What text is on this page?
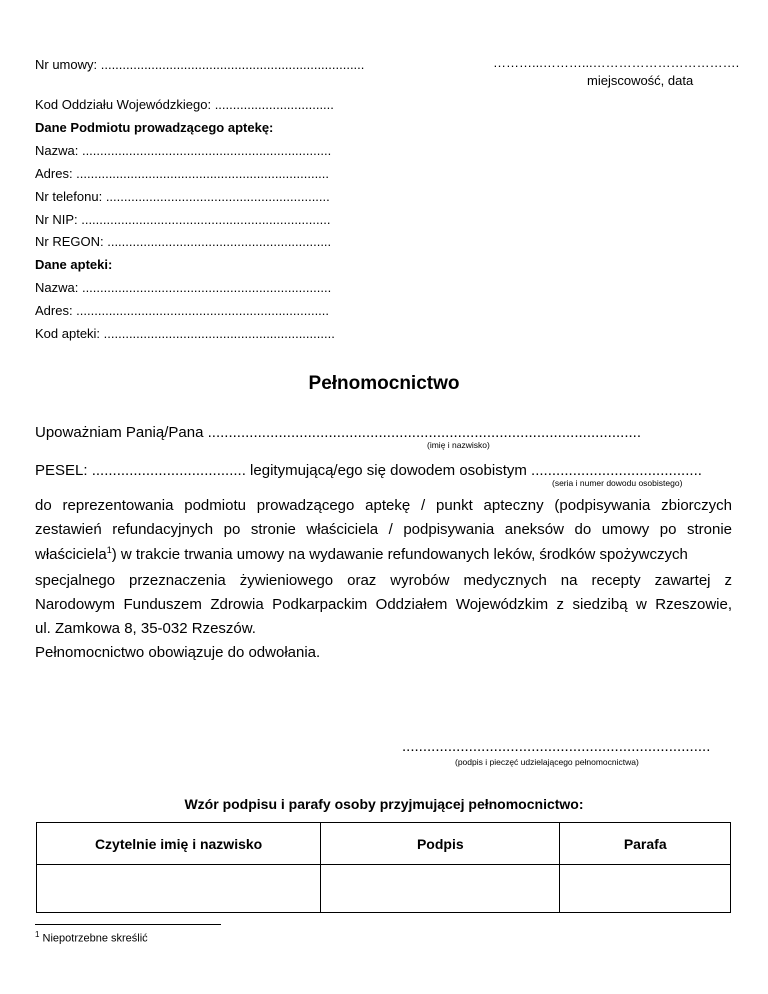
Nr umowy: .........................................................................	………...………...…………………………….
miejscowość, data
Kod Oddziału Wojewódzkiego: .................................
Dane Podmiotu prowadzącego aptekę:
Nazwa: .....................................................................
Adres: ......................................................................
Nr telefonu: ..............................................................
Nr NIP: .....................................................................
Nr REGON: ..............................................................
Dane apteki:
Nazwa: .....................................................................
Adres: ......................................................................
Kod apteki: ................................................................
Pełnomocnictwo
Upoważniam Panią/Pana ........................................................................................................
(imię i nazwisko)
PESEL: ..................................... legitymującą/ego się dowodem osobistym .........................................
(seria i numer dowodu osobistego)
do reprezentowania podmiotu prowadzącego aptekę / punkt apteczny (podpisywania zbiorczych
zestawień refundacyjnych po stronie właściciela / podpisywania aneksów do umowy po stronie
właściciela$^1$) w trakcie trwania umowy na wydawanie refundowanych leków, środków spożywczych
specjalnego przeznaczenia żywieniowego oraz wyrobów medycznych na recepty zawartej z
Narodowym Funduszem Zdrowia Podkarpackim Oddziałem Wojewódzkim z siedzibą w Rzeszowie,
ul. Zamkowa 8, 35-032 Rzeszów.
Pełnomocnictwo obowiązuje do odwołania.
..........................................................................
(podpis i pieczęć udzielającego pełnomocnictwa)
Wzór podpisu i parafy osoby przyjmującej pełnomocnictwo:
Czytelnie imię i nazwisko	Podpis	Parafa

$^1$ Niepotrzebne skreślić
